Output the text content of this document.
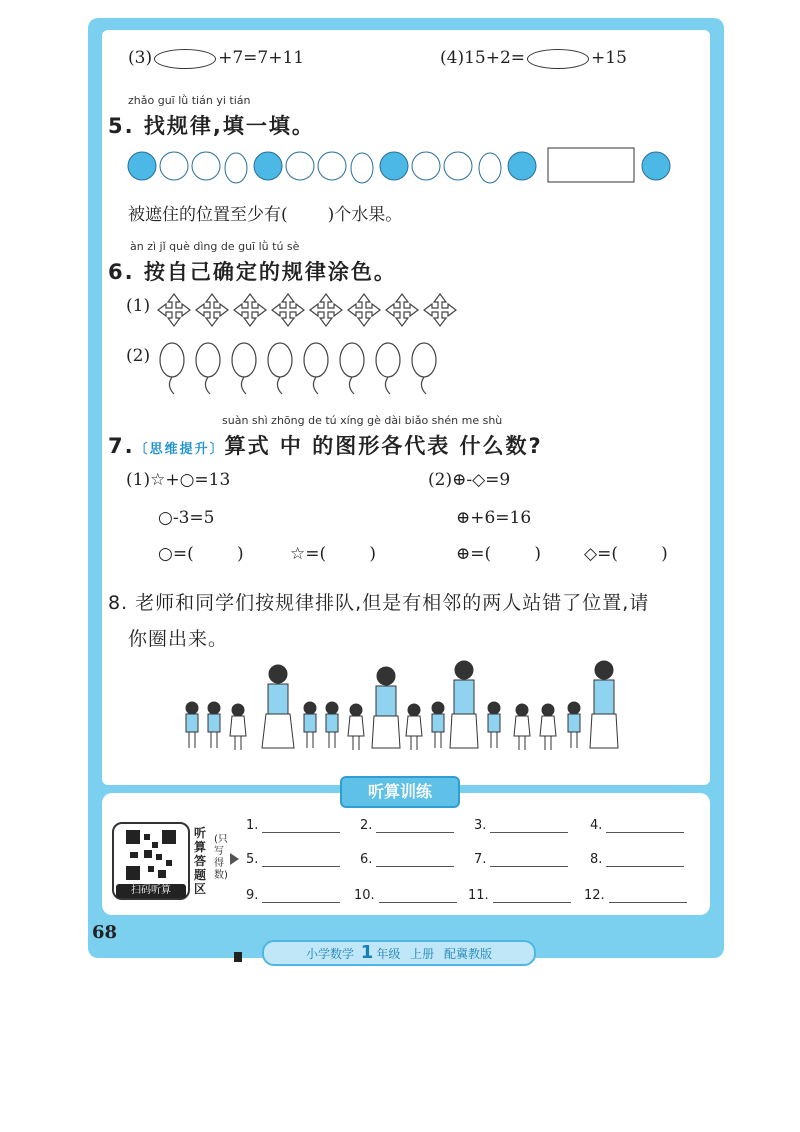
(3)	+7=7+11	(4)15+2=	+15
zhǎo guī lǜ tián yi tián
5. 找规律,填一填。
被遮住的位置至少有( )个水果。
àn zì jǐ què dìng de guī lǜ tú sè
6. 按自己确定的规律涂色。
(1)
(2)
suàn shì zhōng de tú xíng gè dài biǎo shén me shù
7.〔思维提升〕算式 中 的图形各代表 什么数?
(1)☆+○=13	(2)⊕-◇=9
○-3=5	⊕+6=16
○=(        )	☆=(        )	⊕=(        )	◇=(        )
8. 老师和同学们按规律排队,但是有相邻的两人站错了位置,请
你圈出来。
听算训练
扫码听算
听算答题区
(只写得数)
1.	2.	3.	4.
5.	6.	7.	8.
9.	10.	11.	12.
68
小学数学 1 年级 上册 配冀教版
